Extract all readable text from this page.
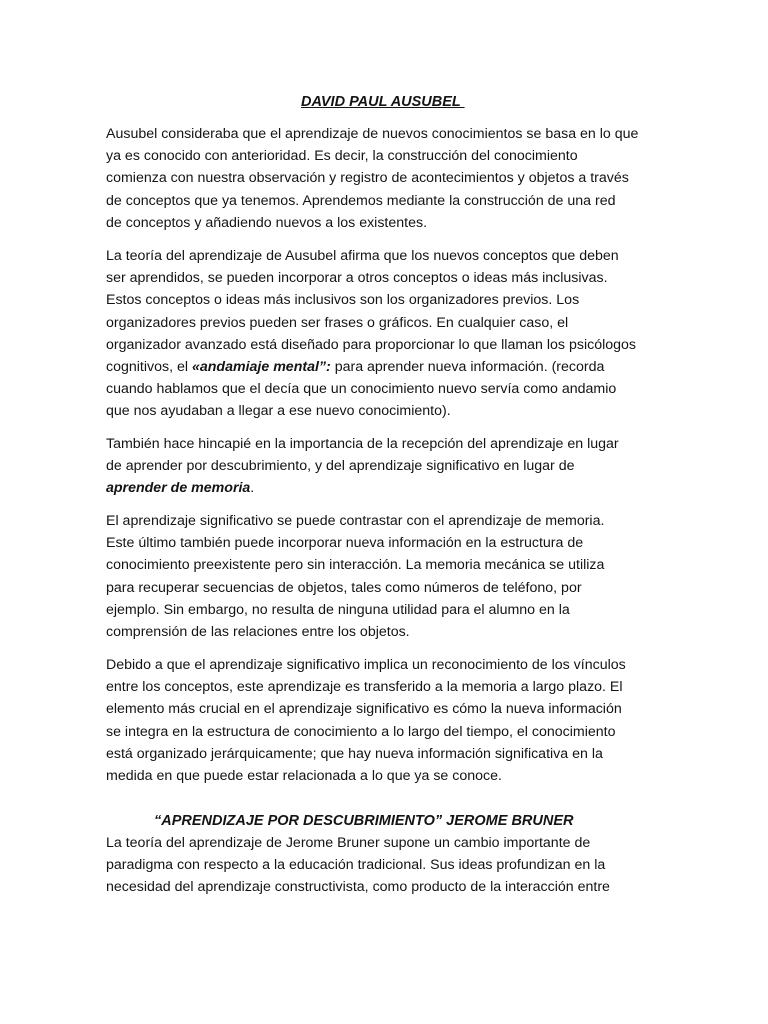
DAVID PAUL AUSUBEL

Ausubel consideraba que el aprendizaje de nuevos conocimientos se basa en lo que
ya es conocido con anterioridad. Es decir, la construcción del conocimiento
comienza con nuestra observación y registro de acontecimientos y objetos a través
de conceptos que ya tenemos. Aprendemos mediante la construcción de una red
de conceptos y añadiendo nuevos a los existentes.

La teoría del aprendizaje de Ausubel afirma que los nuevos conceptos que deben
ser aprendidos, se pueden incorporar a otros conceptos o ideas más inclusivas.
Estos conceptos o ideas más inclusivos son los organizadores previos. Los
organizadores previos pueden ser frases o gráficos. En cualquier caso, el
organizador avanzado está diseñado para proporcionar lo que llaman los psicólogos
cognitivos, el «andamiaje mental”: para aprender nueva información. (recorda
cuando hablamos que el decía que un conocimiento nuevo servía como andamio
que nos ayudaban a llegar a ese nuevo conocimiento).

También hace hincapié en la importancia de la recepción del aprendizaje en lugar
de aprender por descubrimiento, y del aprendizaje significativo en lugar de
aprender de memoria.

El aprendizaje significativo se puede contrastar con el aprendizaje de memoria.
Este último también puede incorporar nueva información en la estructura de
conocimiento preexistente pero sin interacción. La memoria mecánica se utiliza
para recuperar secuencias de objetos, tales como números de teléfono, por
ejemplo. Sin embargo, no resulta de ninguna utilidad para el alumno en la
comprensión de las relaciones entre los objetos.

Debido a que el aprendizaje significativo implica un reconocimiento de los vínculos
entre los conceptos, este aprendizaje es transferido a la memoria a largo plazo. El
elemento más crucial en el aprendizaje significativo es cómo la nueva información
se integra en la estructura de conocimiento a lo largo del tiempo, el conocimiento
está organizado jerárquicamente; que hay nueva información significativa en la
medida en que puede estar relacionada a lo que ya se conoce.

“APRENDIZAJE POR DESCUBRIMIENTO” JEROME BRUNER

La teoría del aprendizaje de Jerome Bruner supone un cambio importante de
paradigma con respecto a la educación tradicional. Sus ideas profundizan en la
necesidad del aprendizaje constructivista, como producto de la interacción entre
